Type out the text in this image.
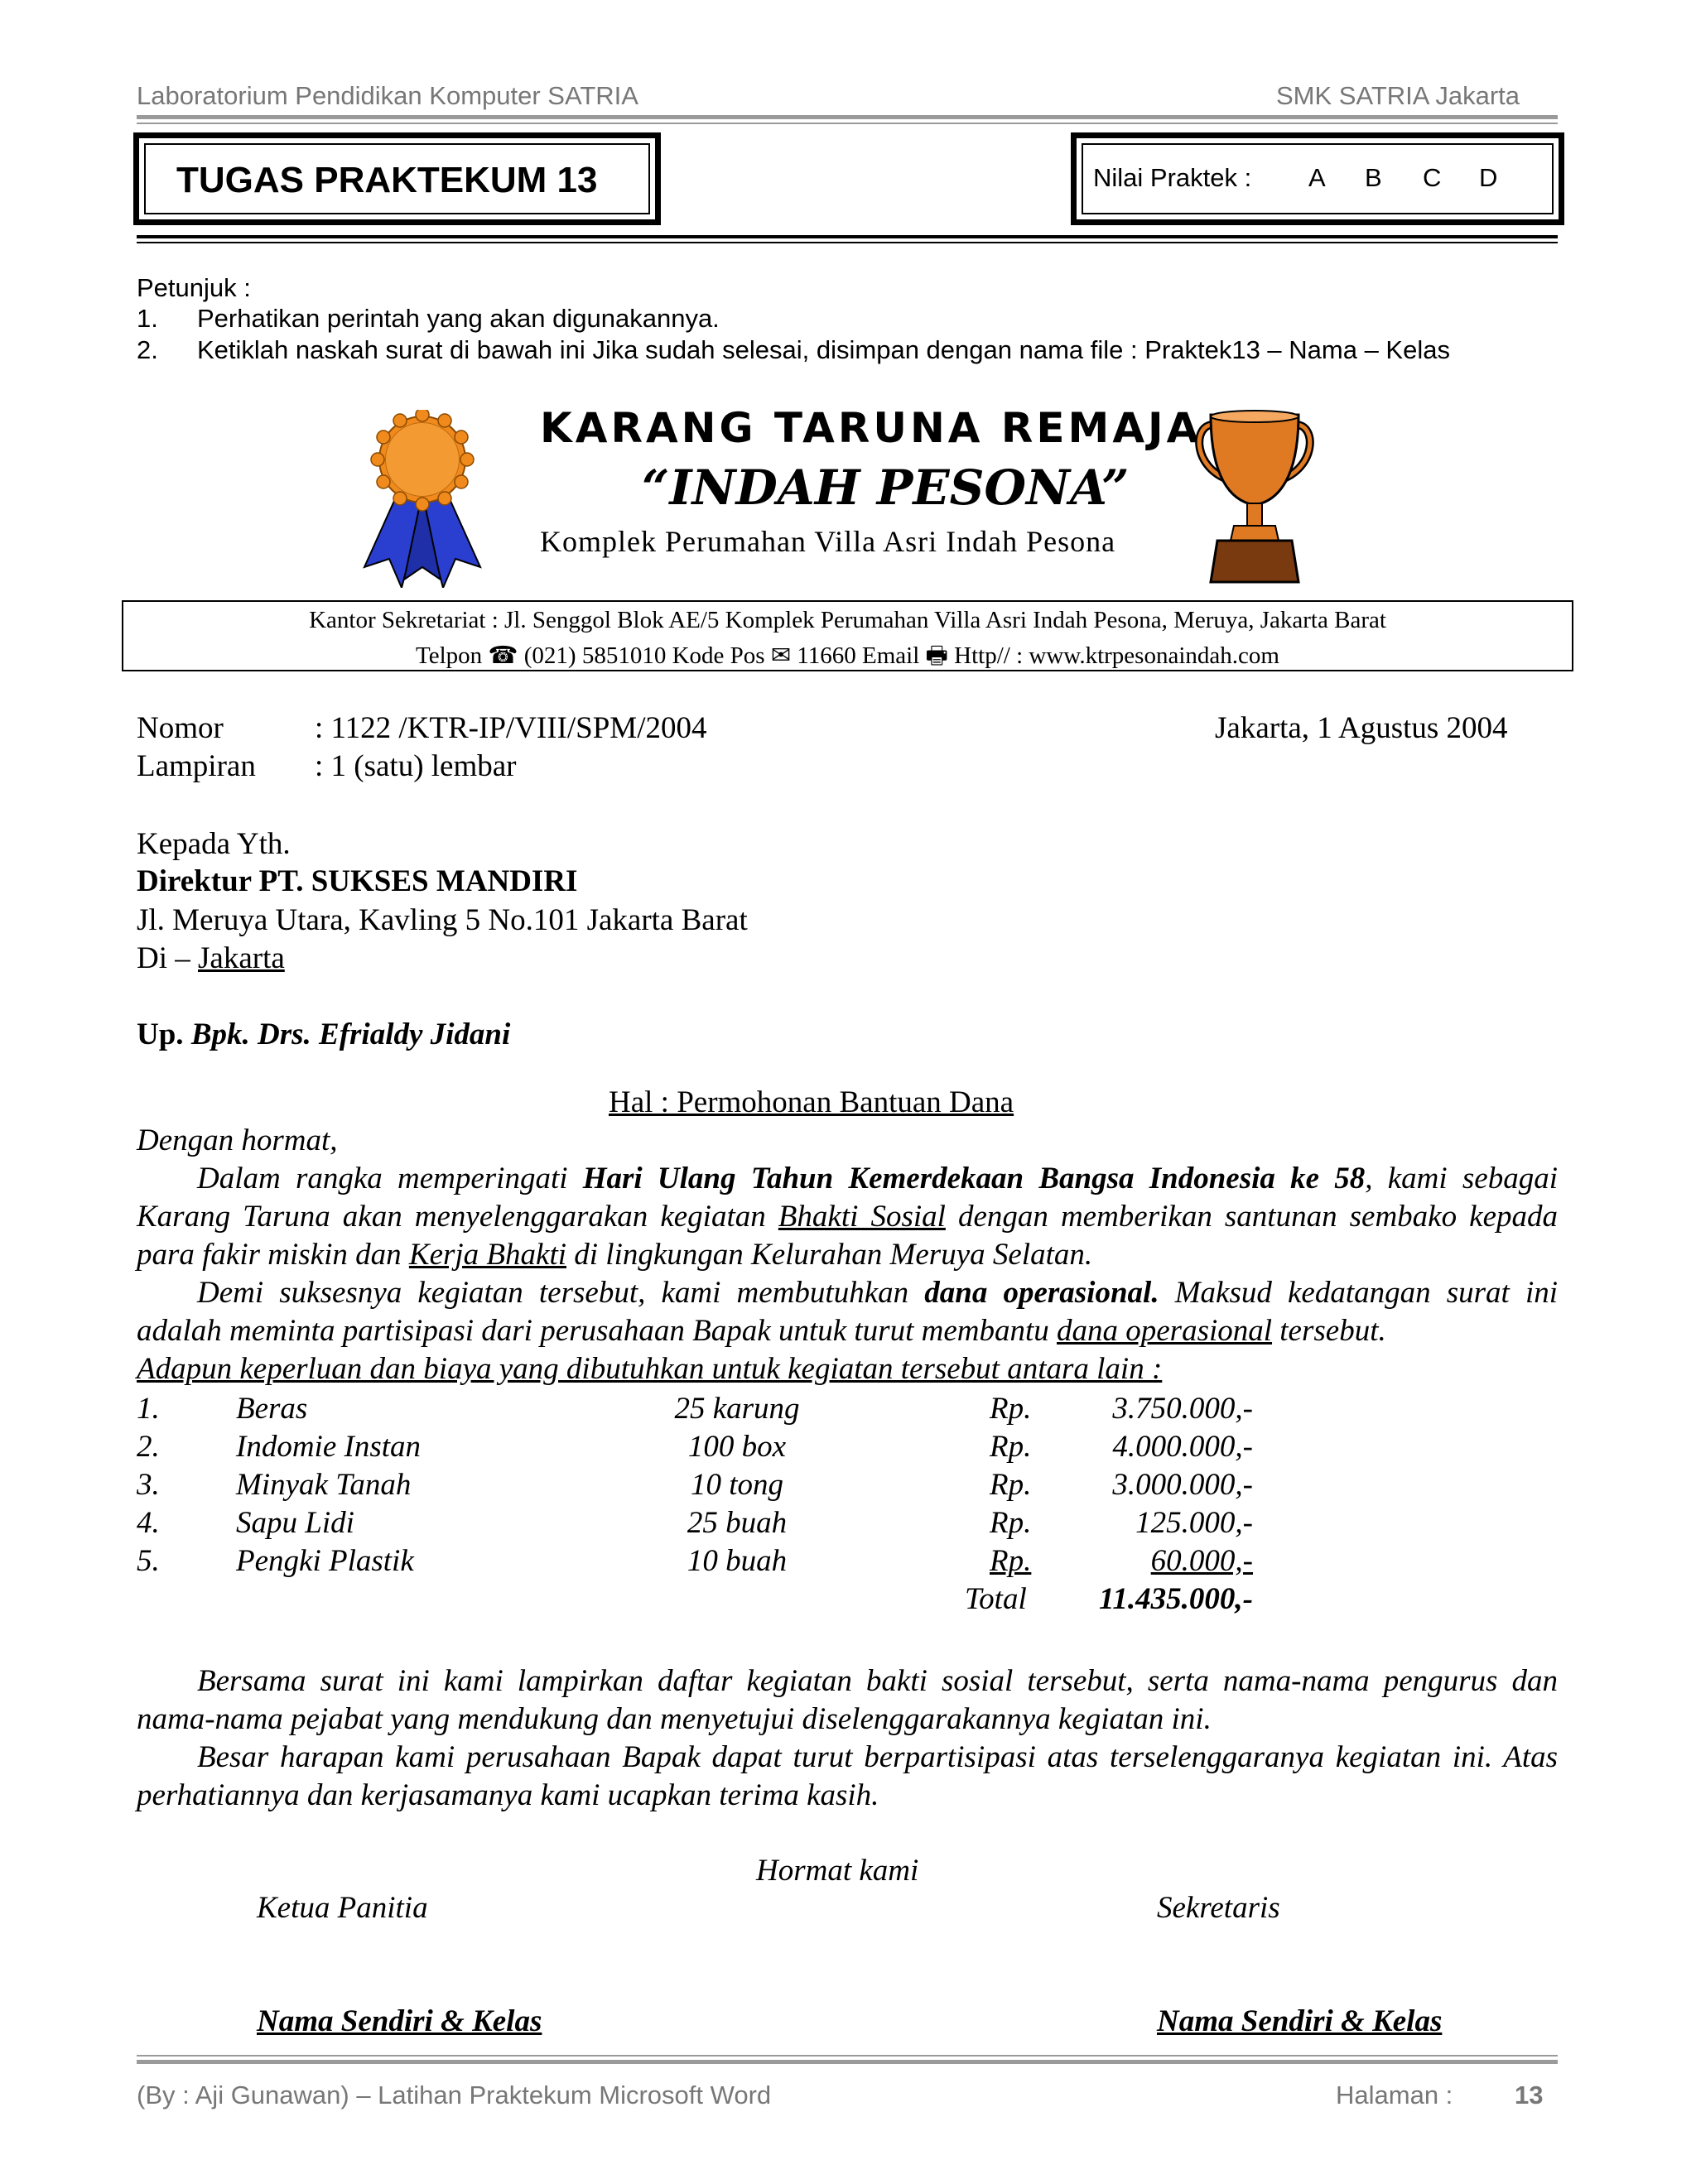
Laboratorium Pendidikan Komputer SATRIA	SMK SATRIA Jakarta
TUGAS PRAKTEKUM 13	Nilai Praktek : A B C D
Petunjuk :
1. Perhatikan perintah yang akan digunakannya.
2. Ketiklah naskah surat di bawah ini Jika sudah selesai, disimpan dengan nama file : Praktek13 – Nama – Kelas
KARANG TARUNA REMAJA
“INDAH PESONA”
Komplek Perumahan Villa Asri Indah Pesona
Kantor Sekretariat : Jl. Senggol Blok AE/5 Komplek Perumahan Villa Asri Indah Pesona, Meruya, Jakarta Barat
Telpon ☎ (021) 5851010 Kode Pos ✉ 11660 Email 🖶 Http// : www.ktrpesonaindah.com
Nomor	: 1122 /KTR-IP/VIII/SPM/2004	Jakarta, 1 Agustus 2004
Lampiran : 1 (satu) lembar
Kepada Yth.
Direktur PT. SUKSES MANDIRI
Jl. Meruya Utara, Kavling 5 No.101 Jakarta Barat
Di – Jakarta
Up. Bpk. Drs. Efrialdy Jidani
Hal : Permohonan Bantuan Dana

Dengan hormat,

Dalam rangka memperingati Hari Ulang Tahun Kemerdekaan Bangsa Indonesia ke 58, kami sebagai Karang Taruna akan menyelenggarakan kegiatan Bhakti Sosial dengan memberikan santunan sembako kepada para fakir miskin dan Kerja Bhakti di lingkungan Kelurahan Meruya Selatan.

Demi suksesnya kegiatan tersebut, kami membutuhkan dana operasional. Maksud kedatangan surat ini adalah meminta partisipasi dari perusahaan Bapak untuk turut membantu dana operasional tersebut.

Adapun keperluan dan biaya yang dibutuhkan untuk kegiatan tersebut antara lain :

1.	Beras	25 karung	Rp.	3.750.000,-
2.	Indomie Instan	100 box	Rp.	4.000.000,-
3.	Minyak Tanah	10 tong	Rp.	3.000.000,-
4.	Sapu Lidi	25 buah	Rp.	125.000,-
5.	Pengki Plastik	10 buah	Rp.	60.000,-
Total	11.435.000,-

Bersama surat ini kami lampirkan daftar kegiatan bakti sosial tersebut, serta nama-nama pengurus dan nama-nama pejabat yang mendukung dan menyetujui diselenggarakannya kegiatan ini.

Besar harapan kami perusahaan Bapak dapat turut berpartisipasi atas terselenggaranya kegiatan ini. Atas perhatiannya dan kerjasamanya kami ucapkan terima kasih.

Hormat kami
Ketua Panitia	Sekretaris
Nama Sendiri & Kelas	Nama Sendiri & Kelas
(By : Aji Gunawan) – Latihan Praktekum Microsoft Word	Halaman : 13
